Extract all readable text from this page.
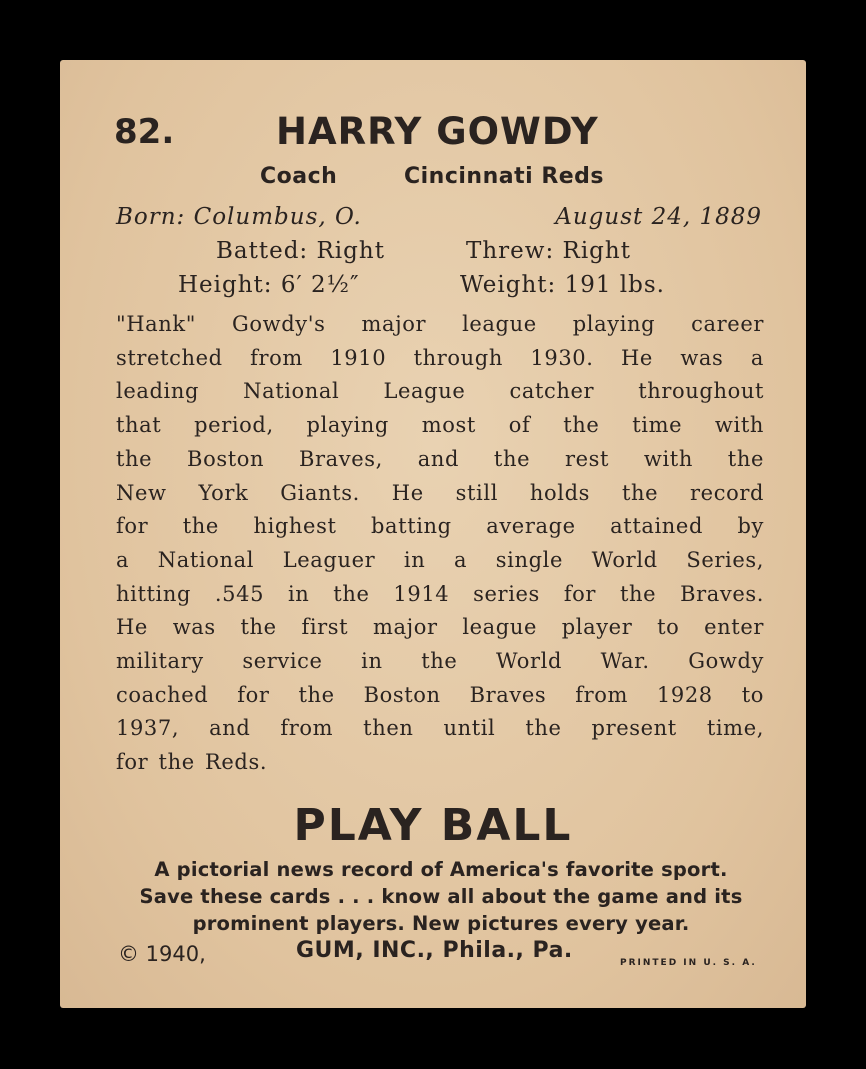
82.	HARRY GOWDY
Coach	Cincinnati Reds
Born: Columbus, O.	August 24, 1889
Batted: Right	Threw: Right
Height: 6′ 2½″	Weight: 191 lbs.
"Hank" Gowdy's major league playing career
stretched from 1910 through 1930. He was a
leading National League catcher throughout
that period, playing most of the time with
the Boston Braves, and the rest with the
New York Giants. He still holds the record
for the highest batting average attained by
a National Leaguer in a single World Series,
hitting .545 in the 1914 series for the Braves.
He was the first major league player to enter
military service in the World War. Gowdy
coached for the Boston Braves from 1928 to
1937, and from then until the present time,
for the Reds.
PLAY BALL
A pictorial news record of America's favorite sport.
Save these cards . . . know all about the game and its
prominent players. New pictures every year.
© 1940,	GUM, INC., Phila., Pa.	PRINTED IN U. S. A.
